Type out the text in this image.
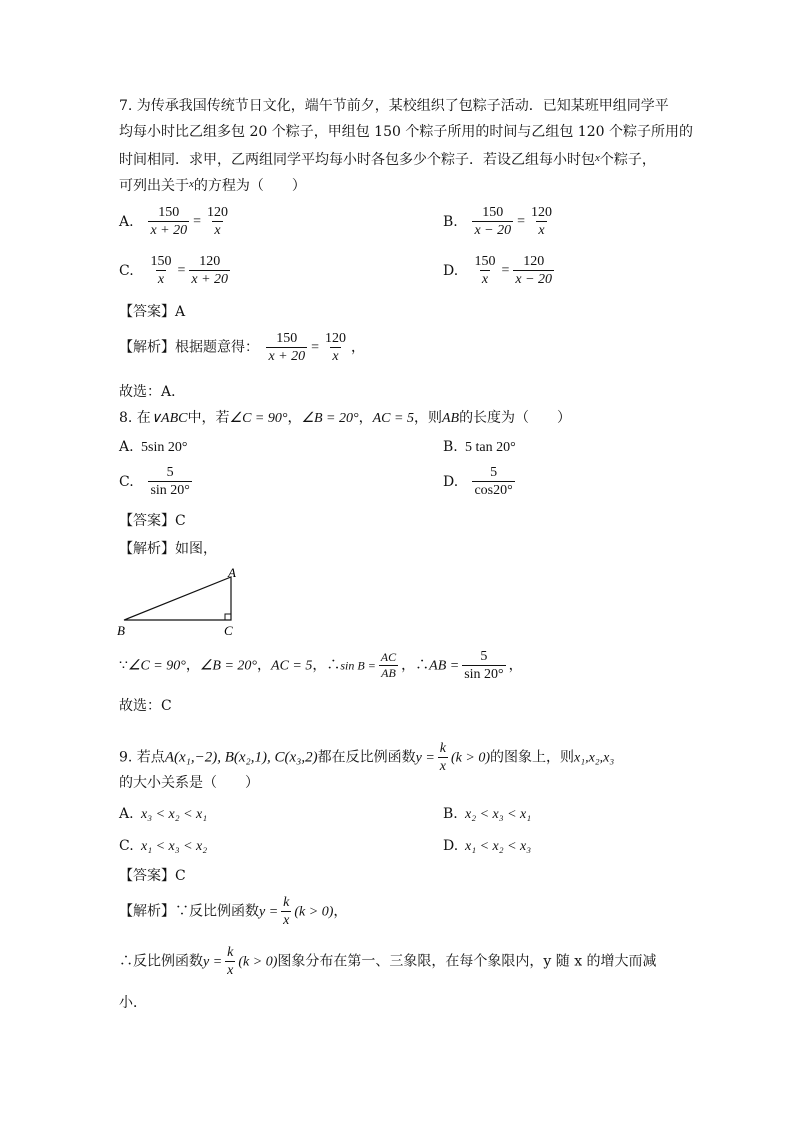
7. 为传承我国传统节日文化，端午节前夕，某校组织了包粽子活动．已知某班甲组同学平
均每小时比乙组多包 20 个粽子，甲组包 150 个粽子所用的时间与乙组包 120 个粽子所用的
时间相同．求甲，乙两组同学平均每小时各包多少个粽子．若设乙组每小时包$^x$个粽子，
可列出关于$^x$的方程为（　　）
A. $\frac{150}{x + 20} = \frac{120}{x}$	B. $\frac{150}{x - 20} = \frac{120}{x}$
C. $\frac{150}{x} = \frac{120}{x + 20}$	D. $\frac{150}{x} = \frac{120}{x - 20}$
【答案】A
【解析】根据题意得： $\frac{150}{x + 20} = \frac{120}{x}$ ，
故选：A．
8. 在∨ABC中，若∠C = 90°，∠B = 20°，AC = 5，则AB的长度为（　　）
A. 5sin 20°	B. 5 tan 20°
C. $\frac{5}{\sin 20^\circ}$	D. $\frac{5}{\cos 20^\circ}$
【答案】C
【解析】如图，
A
B	C
∵∠C = 90°，∠B = 20°，AC = 5，∴sin $B = \frac{AC}{AB}$ ，∴AB = $\frac{5}{\sin 20^\circ}$ ，
故选：C
9. 若点A(x₁,−2), B(x₂,1), C(x₃,2)都在反比例函数$y = \frac{k}{x} (k > 0)$的图象上，则x₁,x₂,x₃
的大小关系是（　　）
A. x₃ < x₂ < x₁	B. x₂ < x₃ < x₁
C. x₁ < x₃ < x₂	D. x₁ < x₂ < x₃
【答案】C
【解析】∵反比例函数$y = \frac{k}{x} (k > 0)$，
∴反比例函数$y = \frac{k}{x} (k > 0)$图象分布在第一、三象限，在每个象限内，y 随 x 的增大而减
小．
